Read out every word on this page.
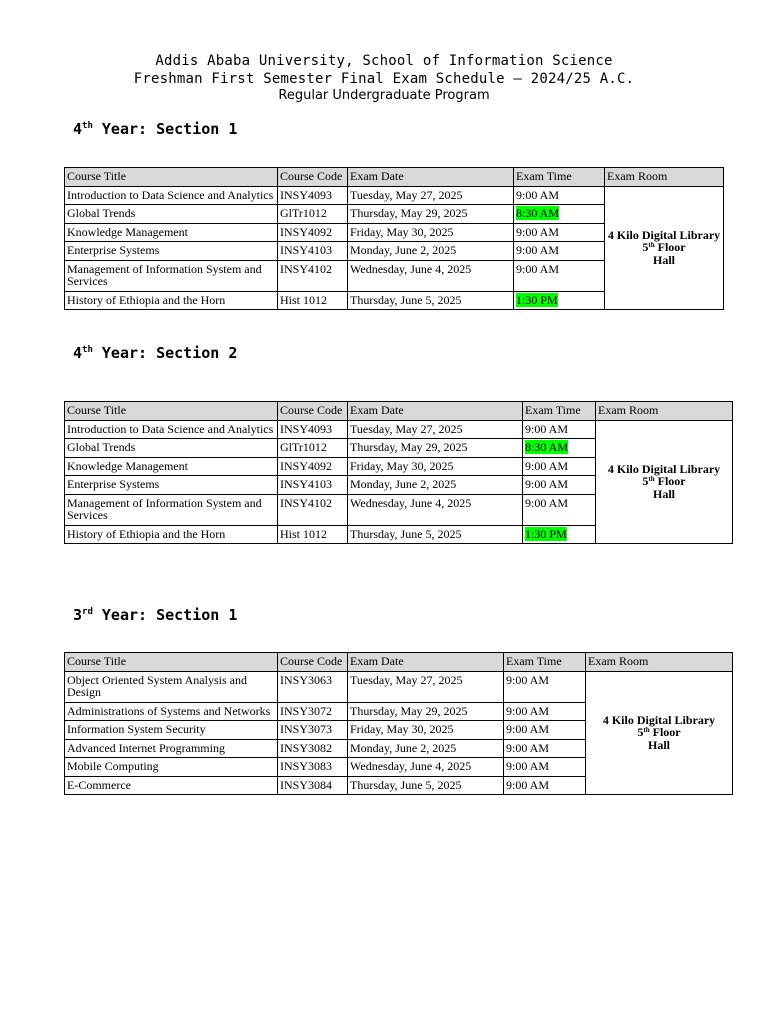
Addis Ababa University, School of Information Science
Freshman First Semester Final Exam Schedule – 2024/25 A.C.
Regular Undergraduate Program
4th Year: Section 1
Course Title	Course Code	Exam Date	Exam Time	Exam Room
Introduction to Data Science and Analytics	INSY4093	Tuesday, May 27, 2025	9:00 AM	4 Kilo Digital Library
5th Floor
Hall
Global Trends	GlTr1012	Thursday, May 29, 2025	8:30 AM	
Knowledge Management	INSY4092	Friday, May 30, 2025	9:00 AM	
Enterprise Systems	INSY4103	Monday, June 2, 2025	9:00 AM	
Management of Information System and Services	INSY4102	Wednesday, June 4, 2025	9:00 AM	
History of Ethiopia and the Horn	Hist 1012	Thursday, June 5, 2025	1:30 PM	
4th Year: Section 2
Course Title	Course Code	Exam Date	Exam Time	Exam Room
Introduction to Data Science and Analytics	INSY4093	Tuesday, May 27, 2025	9:00 AM	4 Kilo Digital Library
5th Floor
Hall
Global Trends	GlTr1012	Thursday, May 29, 2025	8:30 AM	
Knowledge Management	INSY4092	Friday, May 30, 2025	9:00 AM	
Enterprise Systems	INSY4103	Monday, June 2, 2025	9:00 AM	
Management of Information System and Services	INSY4102	Wednesday, June 4, 2025	9:00 AM	
History of Ethiopia and the Horn	Hist 1012	Thursday, June 5, 2025	1:30 PM	
3rd Year: Section 1
Course Title	Course Code	Exam Date	Exam Time	Exam Room
Object Oriented System Analysis and Design	INSY3063	Tuesday, May 27, 2025	9:00 AM	4 Kilo Digital Library
5th Floor
Hall
Administrations of Systems and Networks	INSY3072	Thursday, May 29, 2025	9:00 AM	
Information System Security	INSY3073	Friday, May 30, 2025	9:00 AM	
Advanced Internet Programming	INSY3082	Monday, June 2, 2025	9:00 AM	
Mobile Computing	INSY3083	Wednesday, June 4, 2025	9:00 AM	
E-Commerce	INSY3084	Thursday, June 5, 2025	9:00 AM	
